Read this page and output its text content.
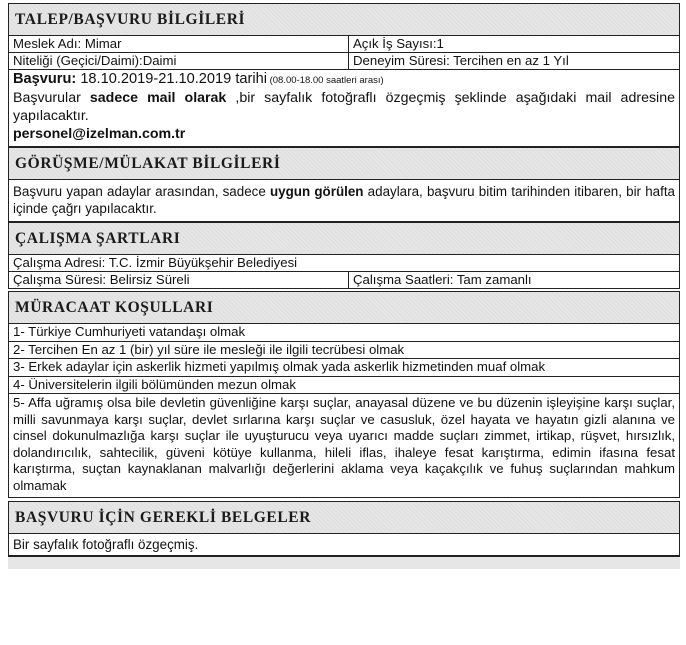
TALEP/BAŞVURU BİLGİLERİ
Meslek Adı: Mimar	Açık İş Sayısı:1
Niteliği (Geçici/Daimi):Daimi	Deneyim Süresi: Tercihen en az 1 Yıl
Başvuru: 18.10.2019-21.10.2019 tarihi (08.00-18.00 saatleri arası)
Başvurular sadece mail olarak ,bir sayfalık fotoğraflı özgeçmiş şeklinde aşağıdaki mail adresine yapılacaktır.
personel@izelman.com.tr
GÖRÜŞME/MÜLAKAT BİLGİLERİ
Başvuru yapan adaylar arasından, sadece uygun görülen adaylara, başvuru bitim tarihinden itibaren, bir hafta içinde çağrı yapılacaktır.
ÇALIŞMA ŞARTLARI
Çalışma Adresi: T.C. İzmir Büyükşehir Belediyesi
Çalışma Süresi: Belirsiz Süreli	Çalışma Saatleri: Tam zamanlı
MÜRACAAT KOŞULLARI
1- Türkiye Cumhuriyeti vatandaşı olmak
2- Tercihen En az 1 (bir) yıl süre ile mesleği ile ilgili tecrübesi olmak
3- Erkek adaylar için askerlik hizmeti yapılmış olmak yada askerlik hizmetinden muaf olmak
4- Üniversitelerin ilgili bölümünden mezun olmak
5- Affa uğramış olsa bile devletin güvenliğine karşı suçlar, anayasal düzene ve bu düzenin işleyişine karşı suçlar, milli savunmaya karşı suçlar, devlet sırlarına karşı suçlar ve casusluk, özel hayata ve hayatın gizli alanına ve cinsel dokunulmazlığa karşı suçlar ile uyuşturucu veya uyarıcı madde suçları zimmet, irtikap, rüşvet, hırsızlık, dolandırıcılık, sahtecilik, güveni kötüye kullanma, hileli iflas, ihaleye fesat karıştırma, edimin ifasına fesat karıştırma, suçtan kaynaklanan malvarlığı değerlerini aklama veya kaçakçılık ve fuhuş suçlarından mahkum olmamak
BAŞVURU İÇİN GEREKLİ BELGELER
Bir sayfalık fotoğraflı özgeçmiş.
